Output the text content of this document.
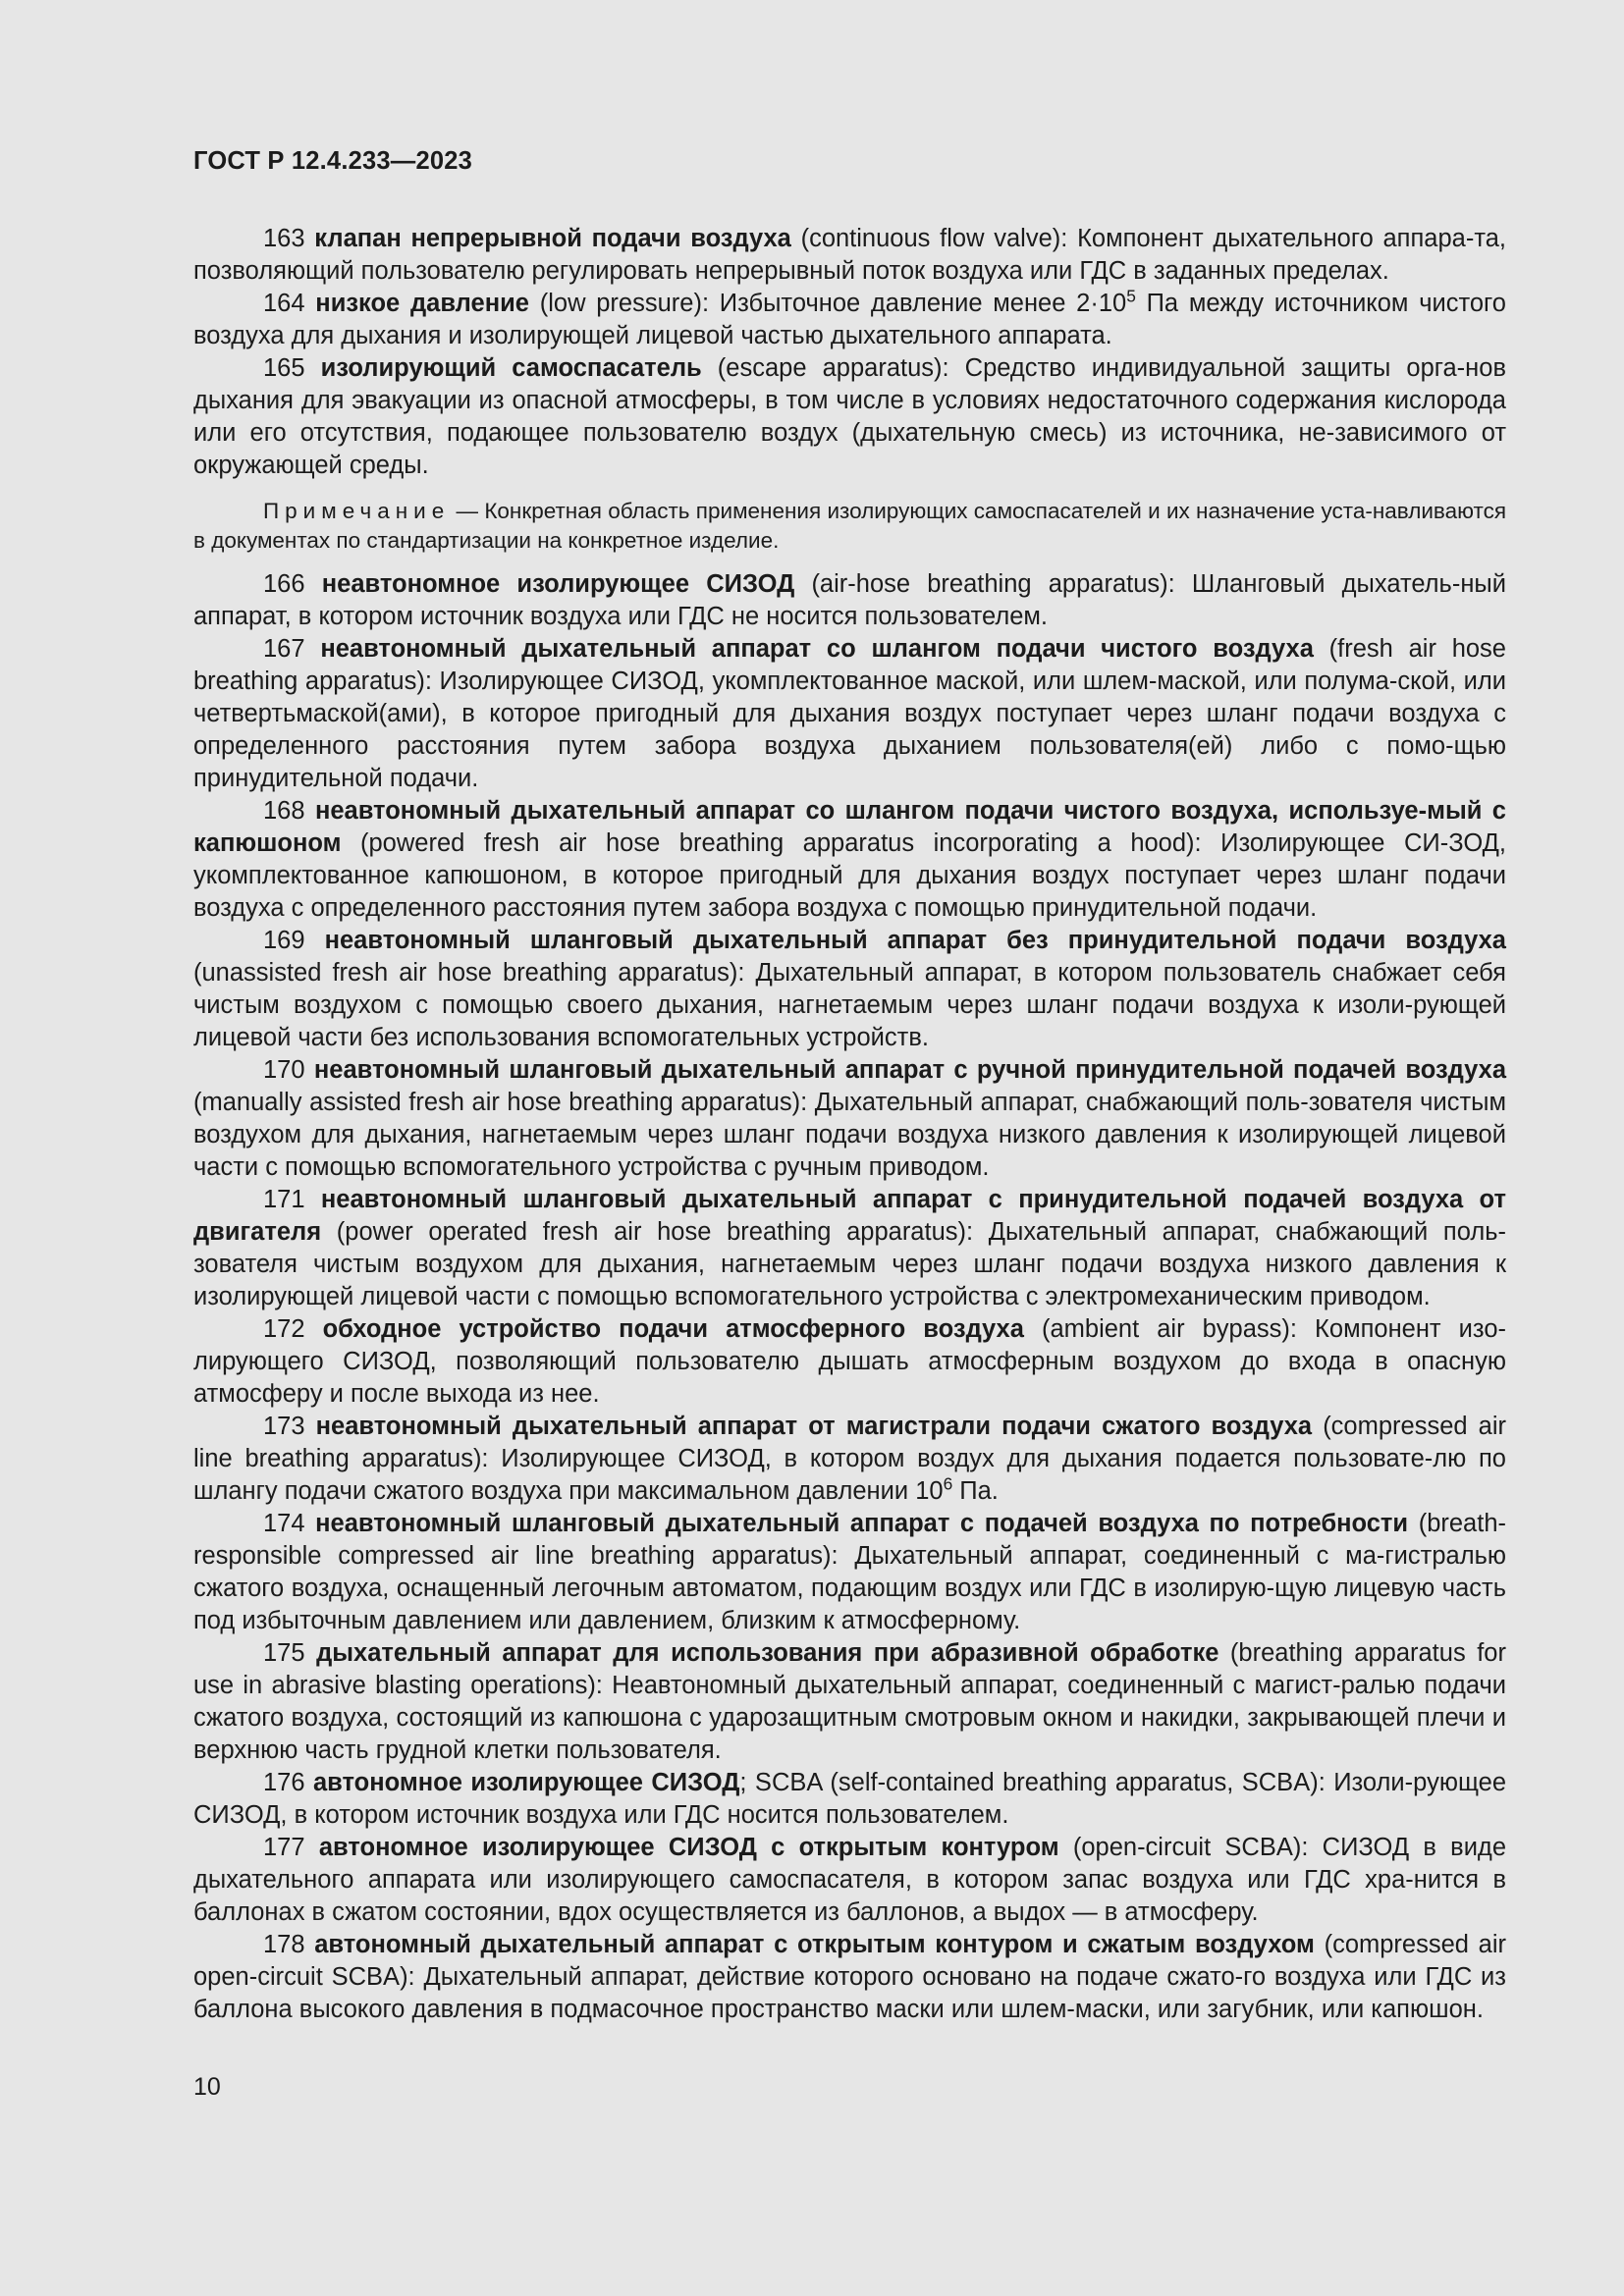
ГОСТ Р 12.4.233—2023

163 клапан непрерывной подачи воздуха (continuous flow valve): Компонент дыхательного аппара-та, позволяющий пользователю регулировать непрерывный поток воздуха или ГДС в заданных пределах.

164 низкое давление (low pressure): Избыточное давление менее $2\cdot 10^5$ Па между источником чистого воздуха для дыхания и изолирующей лицевой частью дыхательного аппарата.

165 изолирующий самоспасатель (escape apparatus): Средство индивидуальной защиты орга-нов дыхания для эвакуации из опасной атмосферы, в том числе в условиях недостаточного содержания кислорода или его отсутствия, подающее пользователю воздух (дыхательную смесь) из источника, не-зависимого от окружающей среды.

Примечание — Конкретная область применения изолирующих самоспасателей и их назначение уста-навливаются в документах по стандартизации на конкретное изделие.

166 неавтономное изолирующее СИЗОД (air-hose breathing apparatus): Шланговый дыхатель-ный аппарат, в котором источник воздуха или ГДС не носится пользователем.

167 неавтономный дыхательный аппарат со шлангом подачи чистого воздуха (fresh air hose breathing apparatus): Изолирующее СИЗОД, укомплектованное маской, или шлем-маской, или полума-ской, или четвертьмаской(ами), в которое пригодный для дыхания воздух поступает через шланг подачи воздуха с определенного расстояния путем забора воздуха дыханием пользователя(ей) либо с помо-щью принудительной подачи.

168 неавтономный дыхательный аппарат со шлангом подачи чистого воздуха, используе-мый с капюшоном (powered fresh air hose breathing apparatus incorporating a hood): Изолирующее СИ-ЗОД, укомплектованное капюшоном, в которое пригодный для дыхания воздух поступает через шланг подачи воздуха с определенного расстояния путем забора воздуха с помощью принудительной подачи.

169 неавтономный шланговый дыхательный аппарат без принудительной подачи воздуха (unassisted fresh air hose breathing apparatus): Дыхательный аппарат, в котором пользователь снабжает себя чистым воздухом с помощью своего дыхания, нагнетаемым через шланг подачи воздуха к изоли-рующей лицевой части без использования вспомогательных устройств.

170 неавтономный шланговый дыхательный аппарат с ручной принудительной подачей воздуха (manually assisted fresh air hose breathing apparatus): Дыхательный аппарат, снабжающий поль-зователя чистым воздухом для дыхания, нагнетаемым через шланг подачи воздуха низкого давления к изолирующей лицевой части с помощью вспомогательного устройства с ручным приводом.

171 неавтономный шланговый дыхательный аппарат с принудительной подачей воздуха от двигателя (power operated fresh air hose breathing apparatus): Дыхательный аппарат, снабжающий поль-зователя чистым воздухом для дыхания, нагнетаемым через шланг подачи воздуха низкого давления к изолирующей лицевой части с помощью вспомогательного устройства с электромеханическим приводом.

172 обходное устройство подачи атмосферного воздуха (ambient air bypass): Компонент изо-лирующего СИЗОД, позволяющий пользователю дышать атмосферным воздухом до входа в опасную атмосферу и после выхода из нее.

173 неавтономный дыхательный аппарат от магистрали подачи сжатого воздуха (compressed air line breathing apparatus): Изолирующее СИЗОД, в котором воздух для дыхания подается пользовате-лю по шлангу подачи сжатого воздуха при максимальном давлении $10^6$ Па.

174 неавтономный шланговый дыхательный аппарат с подачей воздуха по потребности (breath-responsible compressed air line breathing apparatus): Дыхательный аппарат, соединенный с ма-гистралью сжатого воздуха, оснащенный легочным автоматом, подающим воздух или ГДС в изолирую-щую лицевую часть под избыточным давлением или давлением, близким к атмосферному.

175 дыхательный аппарат для использования при абразивной обработке (breathing apparatus for use in abrasive blasting operations): Неавтономный дыхательный аппарат, соединенный с магист-ралью подачи сжатого воздуха, состоящий из капюшона с ударозащитным смотровым окном и накидки, закрывающей плечи и верхнюю часть грудной клетки пользователя.

176 автономное изолирующее СИЗОД; SCBA (self-contained breathing apparatus, SCBA): Изоли-рующее СИЗОД, в котором источник воздуха или ГДС носится пользователем.

177 автономное изолирующее СИЗОД с открытым контуром (open-circuit SCBA): СИЗОД в виде дыхательного аппарата или изолирующего самоспасателя, в котором запас воздуха или ГДС хра-нится в баллонах в сжатом состоянии, вдох осуществляется из баллонов, а выдох — в атмосферу.

178 автономный дыхательный аппарат с открытым контуром и сжатым воздухом (compressed air open-circuit SCBA): Дыхательный аппарат, действие которого основано на подаче сжато-го воздуха или ГДС из баллона высокого давления в подмасочное пространство маски или шлем-маски, или загубник, или капюшон.

10
